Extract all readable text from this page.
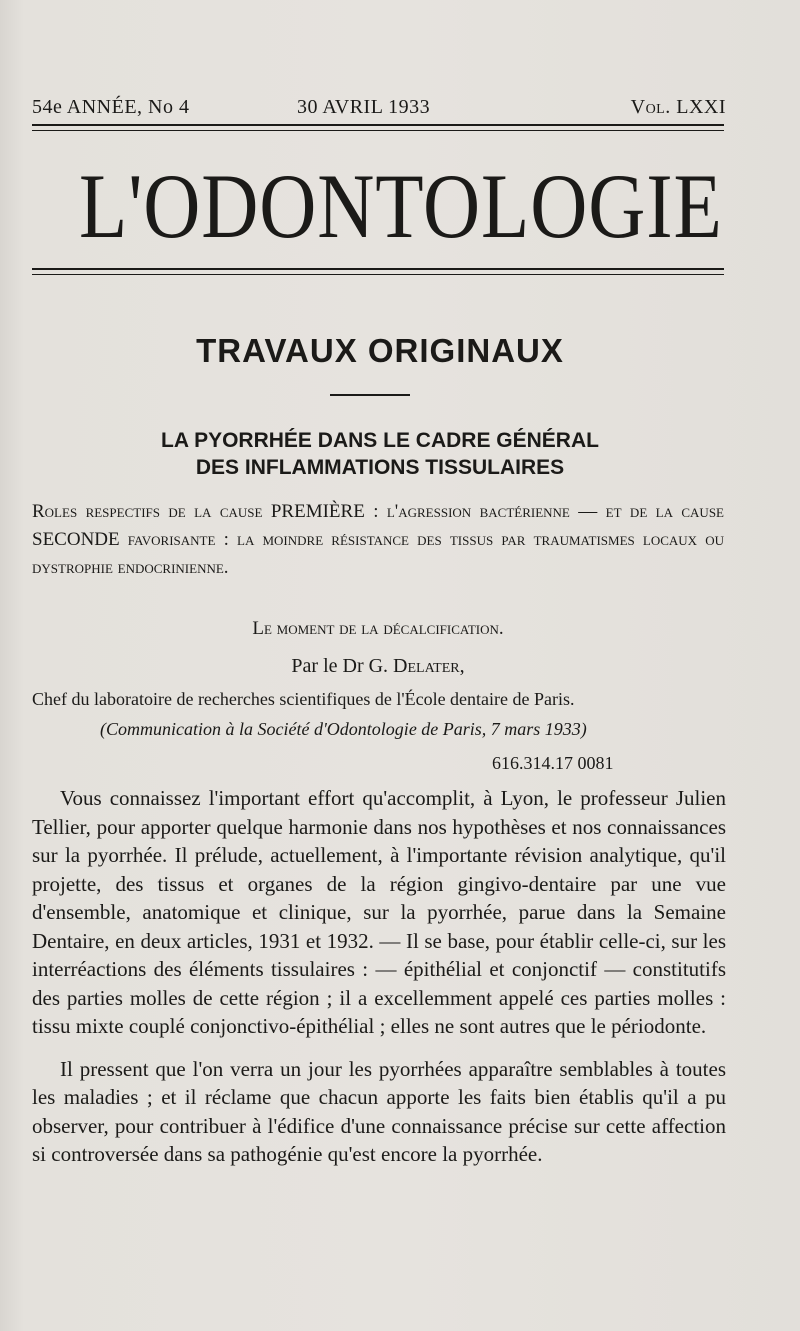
54e ANNÉE, No 4	30 AVRIL 1933	Vol. LXXI
L'ODONTOLOGIE
TRAVAUX ORIGINAUX
LA PYORRHÉE DANS LE CADRE GÉNÉRAL
DES INFLAMMATIONS TISSULAIRES
Roles respectifs de la cause PREMIÈRE : l'agression bactérienne — et de la cause SECONDE favorisante : la moindre résistance des tissus par traumatismes locaux ou dystrophie endocrinienne.
Le moment de la décalcification.
Par le Dr G. Delater,
Chef du laboratoire de recherches scientifiques de l'École dentaire de Paris.
(Communication à la Société d'Odontologie de Paris, 7 mars 1933)
616.314.17 0081

Vous connaissez l'important effort qu'accomplit, à Lyon, le professeur Julien Tellier, pour apporter quelque harmonie dans nos hypothèses et nos connaissances sur la pyorrhée. Il prélude, actuellement, à l'importante révision analytique, qu'il projette, des tissus et organes de la région gingivo-dentaire par une vue d'ensemble, anatomique et clinique, sur la pyorrhée, parue dans la Semaine Dentaire, en deux articles, 1931 et 1932. — Il se base, pour établir celle-ci, sur les interréactions des éléments tissulaires : — épithélial et conjonctif — constitutifs des parties molles de cette région ; il a excellemment appelé ces parties molles : tissu mixte couplé conjonctivo-épithélial ; elles ne sont autres que le périodonte.

Il pressent que l'on verra un jour les pyorrhées apparaître semblables à toutes les maladies ; et il réclame que chacun apporte les faits bien établis qu'il a pu observer, pour contribuer à l'édifice d'une connaissance précise sur cette affection si controversée dans sa pathogénie qu'est encore la pyorrhée.
